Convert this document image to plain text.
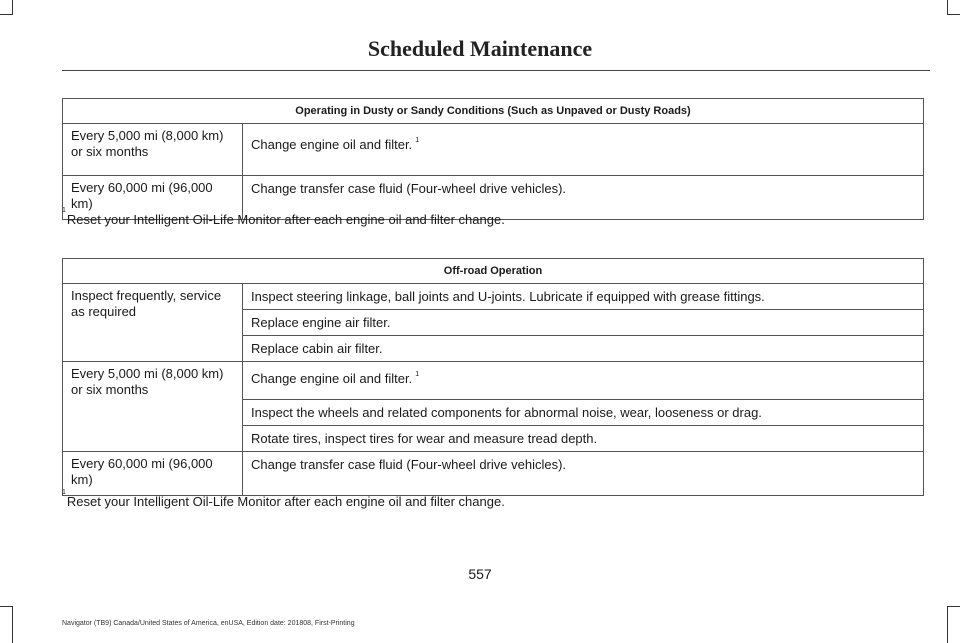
Scheduled Maintenance
Operating in Dusty or Sandy Conditions (Such as Unpaved or Dusty Roads)	
Every 5,000 mi (8,000 km) or six months	Change engine oil and filter. $^1$
Every 60,000 mi (96,000 km)	Change transfer case fluid (Four-wheel drive vehicles).
$^1$Reset your Intelligent Oil-Life Monitor after each engine oil and filter change.
Off-road Operation	
Inspect frequently, service as required	Inspect steering linkage, ball joints and U-joints. Lubricate if equipped with grease fittings.
	Replace engine air filter.
	Replace cabin air filter.
Every 5,000 mi (8,000 km) or six months	Change engine oil and filter. $^1$
	Inspect the wheels and related components for abnormal noise, wear, looseness or drag.
	Rotate tires, inspect tires for wear and measure tread depth.
Every 60,000 mi (96,000 km)	Change transfer case fluid (Four-wheel drive vehicles).
$^1$Reset your Intelligent Oil-Life Monitor after each engine oil and filter change.
557
Navigator (TB9) Canada/United States of America, enUSA, Edition date: 201808, First-Printing
